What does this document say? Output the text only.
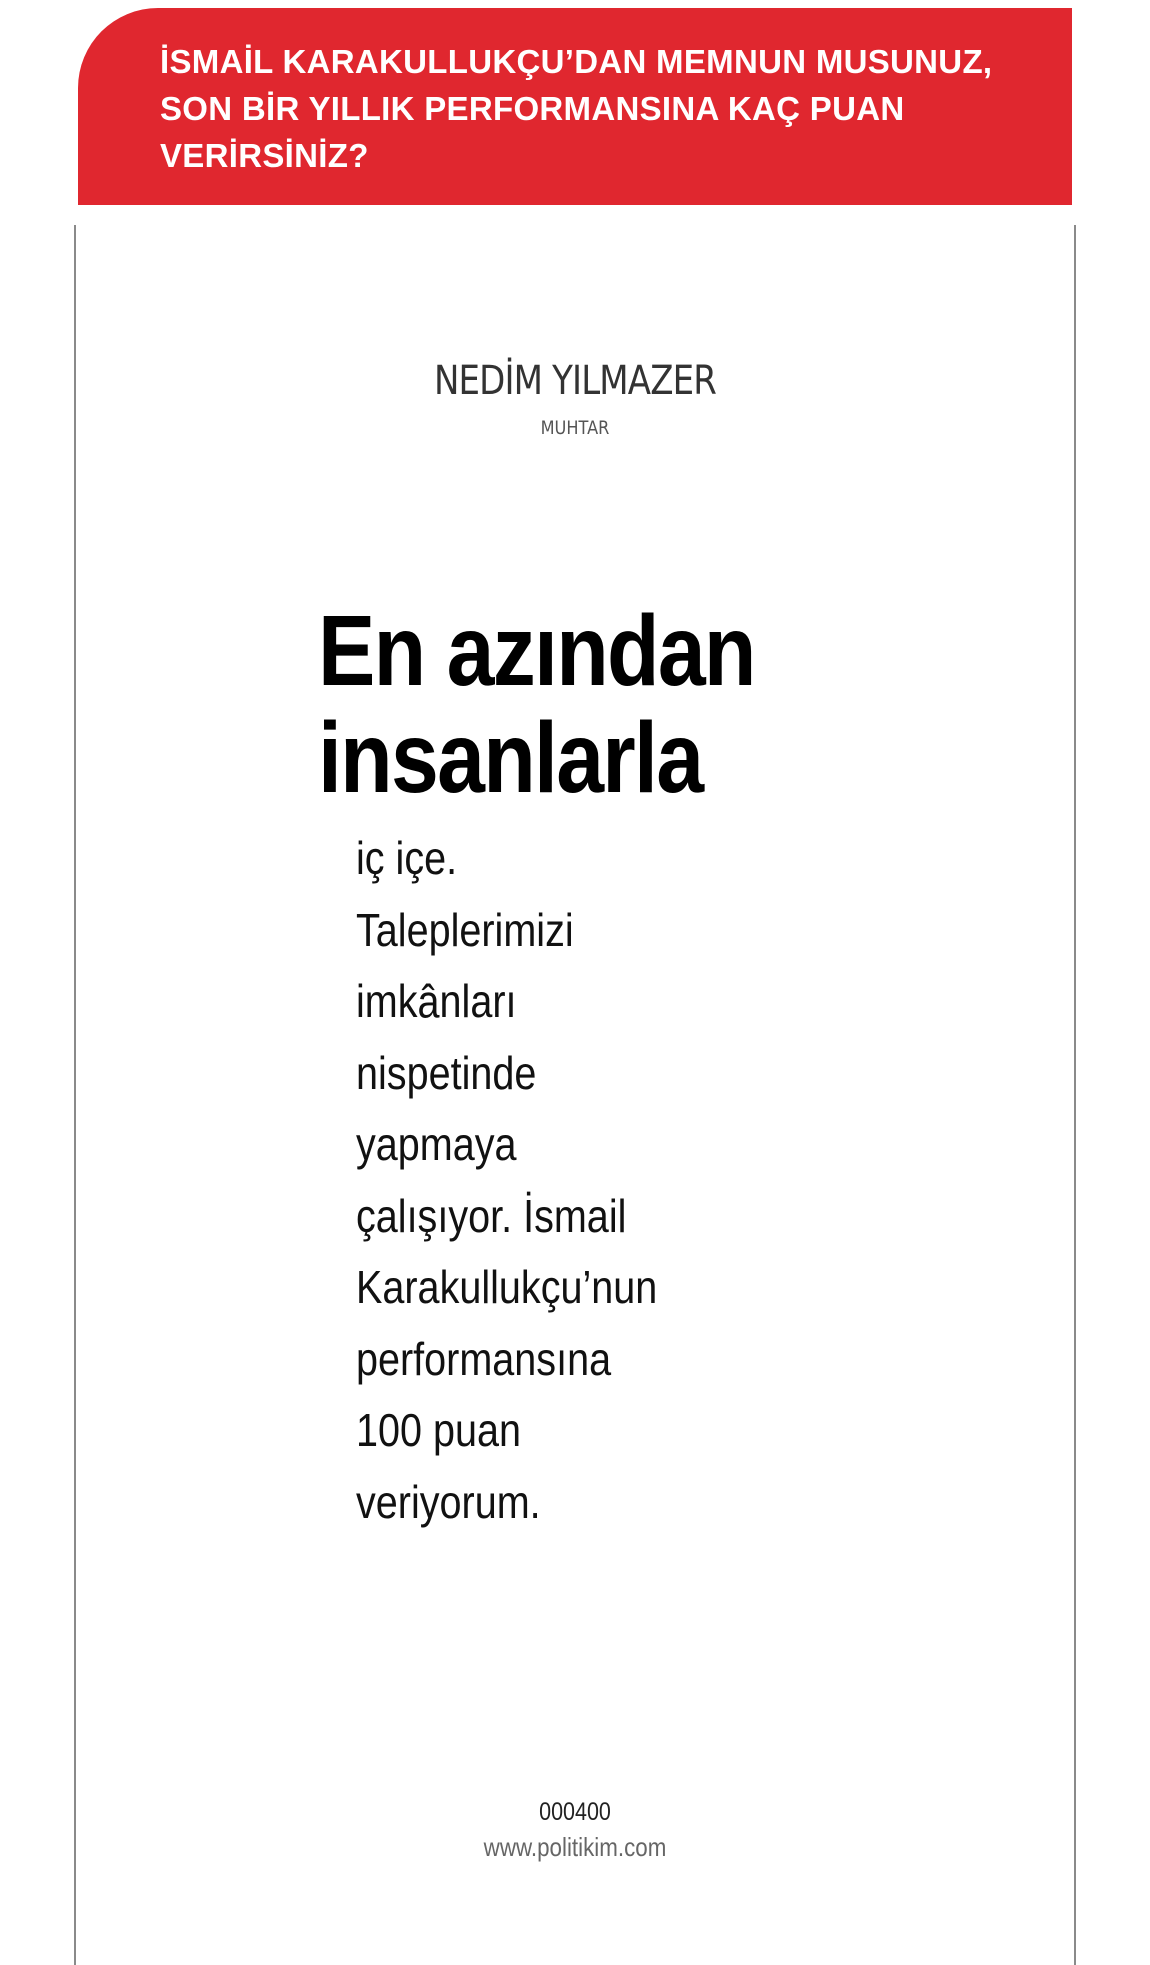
İSMAİL KARAKULLUKÇU’DAN MEMNUN MUSUNUZ,
SON BİR YILLIK PERFORMANSINA KAÇ PUAN
VERİRSİNİZ?
NEDİM YILMAZER
MUHTAR
En azından
insanlarla
iç içe.
Taleplerimizi
imkânları
nispetinde
yapmaya
çalışıyor. İsmail
Karakullukçu’nun
performansına
100 puan
veriyorum.
000400
www.politikim.com
